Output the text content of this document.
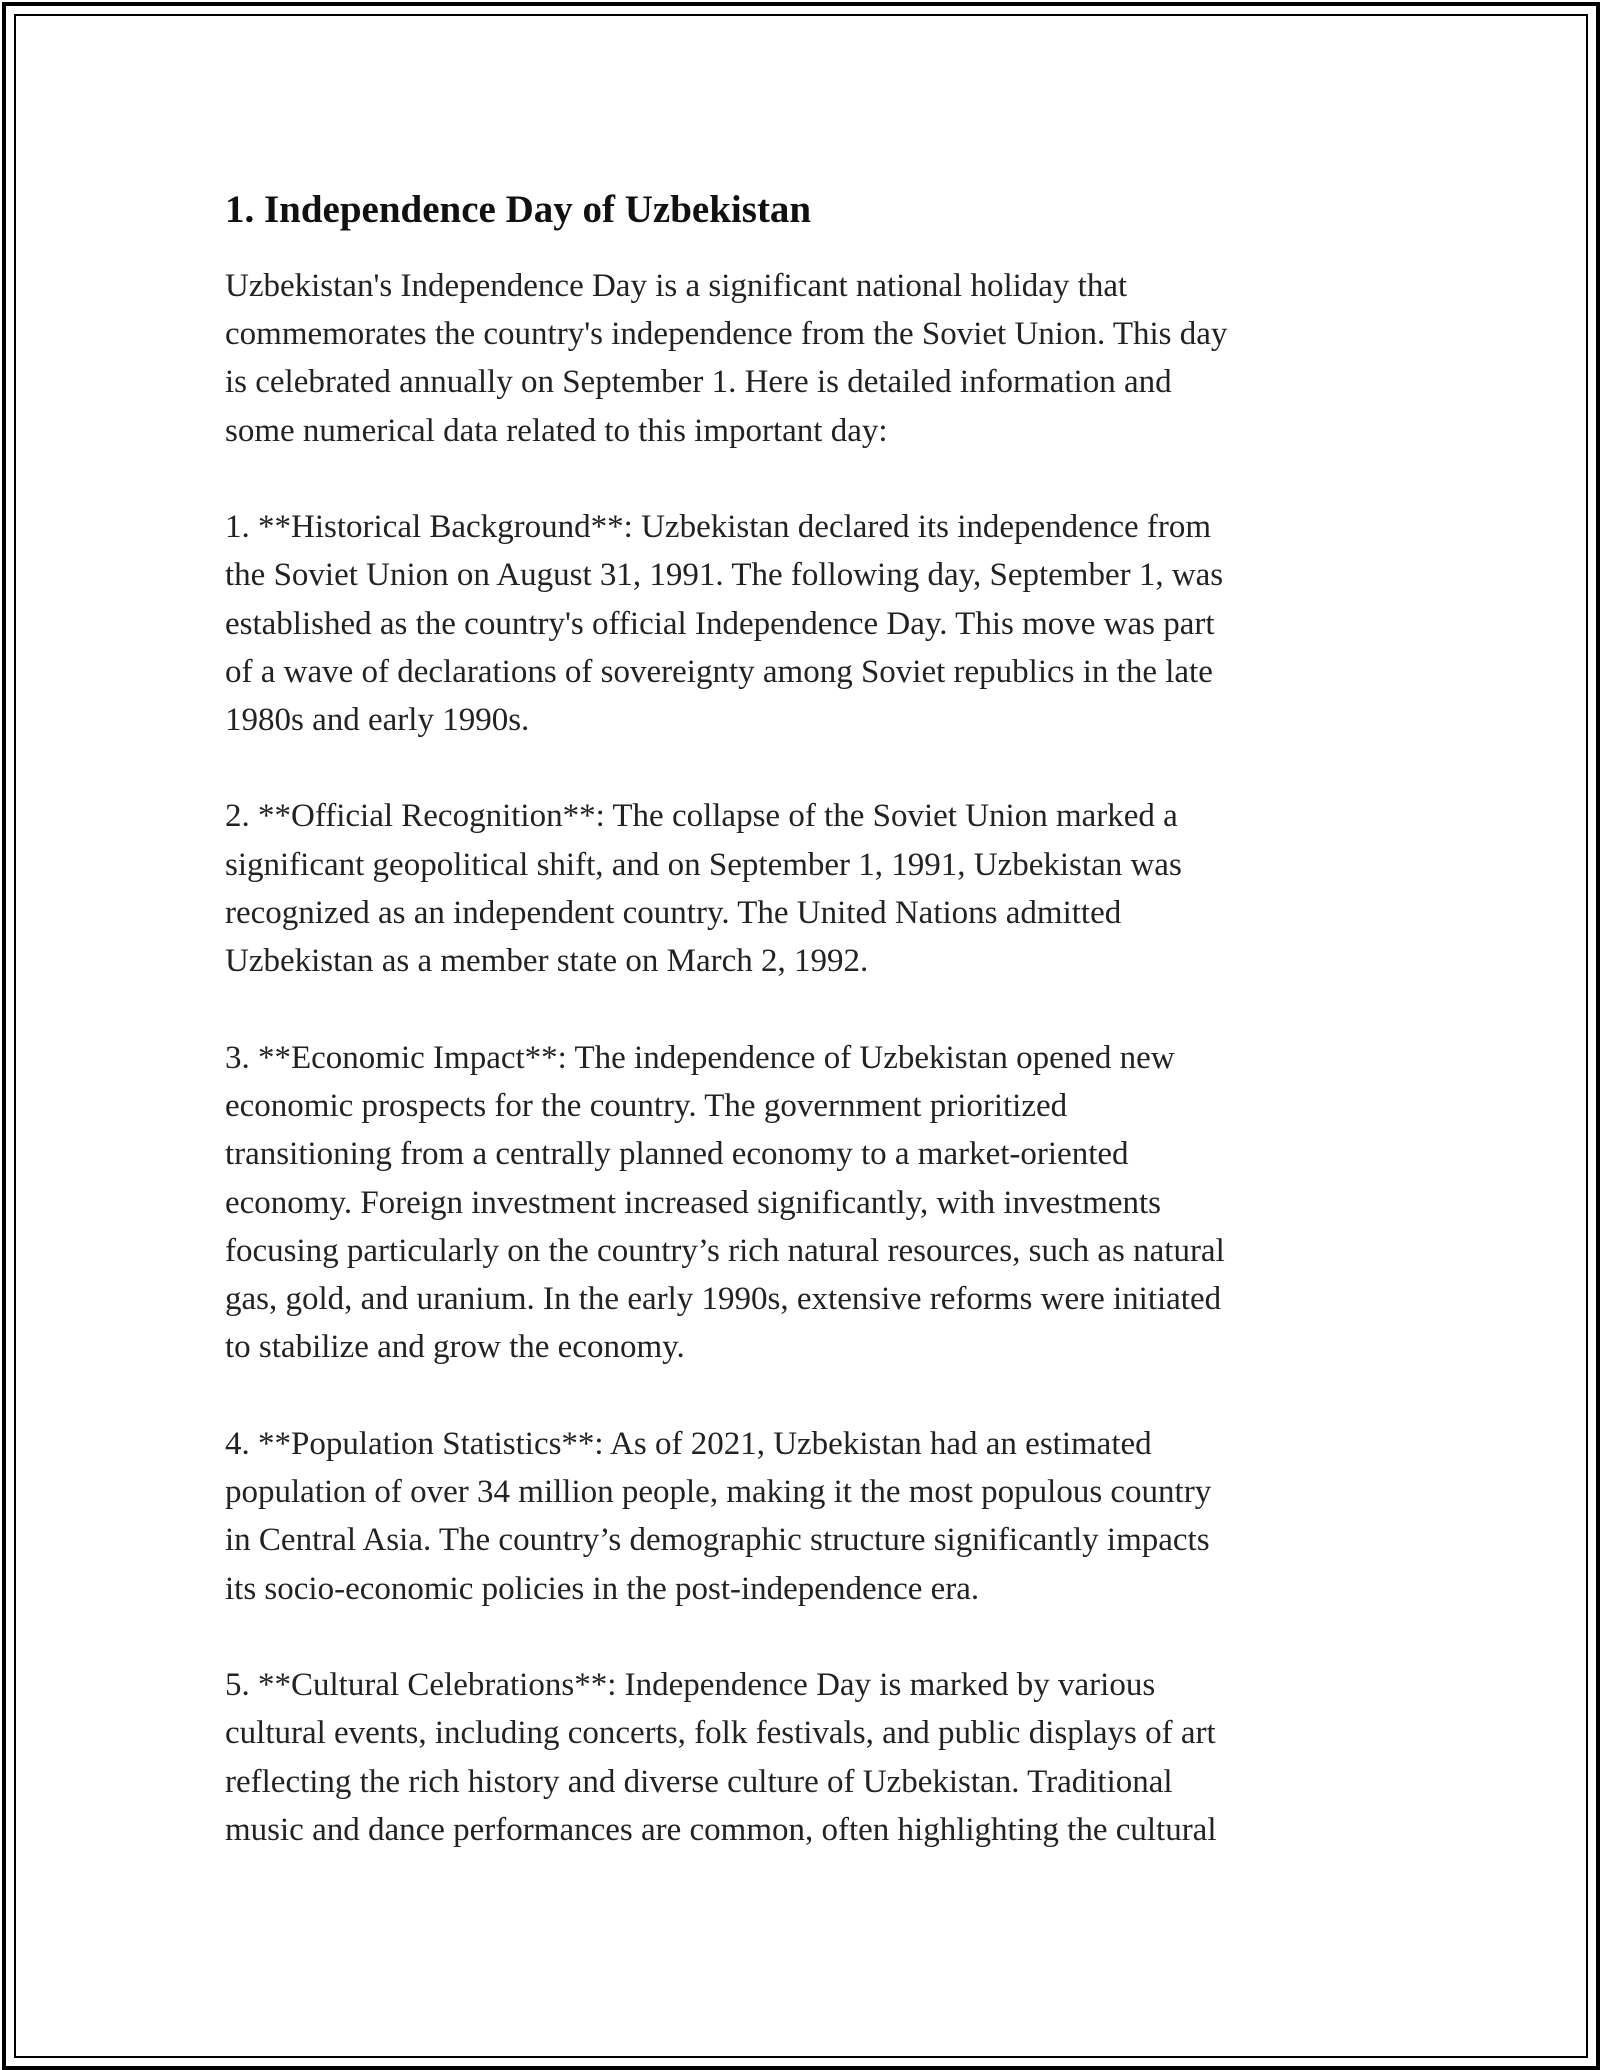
1. Independence Day of Uzbekistan

Uzbekistan's Independence Day is a significant national holiday that
commemorates the country's independence from the Soviet Union. This day
is celebrated annually on September 1. Here is detailed information and
some numerical data related to this important day:

1. **Historical Background**: Uzbekistan declared its independence from
the Soviet Union on August 31, 1991. The following day, September 1, was
established as the country's official Independence Day. This move was part
of a wave of declarations of sovereignty among Soviet republics in the late
1980s and early 1990s.

2. **Official Recognition**: The collapse of the Soviet Union marked a
significant geopolitical shift, and on September 1, 1991, Uzbekistan was
recognized as an independent country. The United Nations admitted
Uzbekistan as a member state on March 2, 1992.

3. **Economic Impact**: The independence of Uzbekistan opened new
economic prospects for the country. The government prioritized
transitioning from a centrally planned economy to a market-oriented
economy. Foreign investment increased significantly, with investments
focusing particularly on the country’s rich natural resources, such as natural
gas, gold, and uranium. In the early 1990s, extensive reforms were initiated
to stabilize and grow the economy.

4. **Population Statistics**: As of 2021, Uzbekistan had an estimated
population of over 34 million people, making it the most populous country
in Central Asia. The country’s demographic structure significantly impacts
its socio-economic policies in the post-independence era.

5. **Cultural Celebrations**: Independence Day is marked by various
cultural events, including concerts, folk festivals, and public displays of art
reflecting the rich history and diverse culture of Uzbekistan. Traditional
music and dance performances are common, often highlighting the cultural
